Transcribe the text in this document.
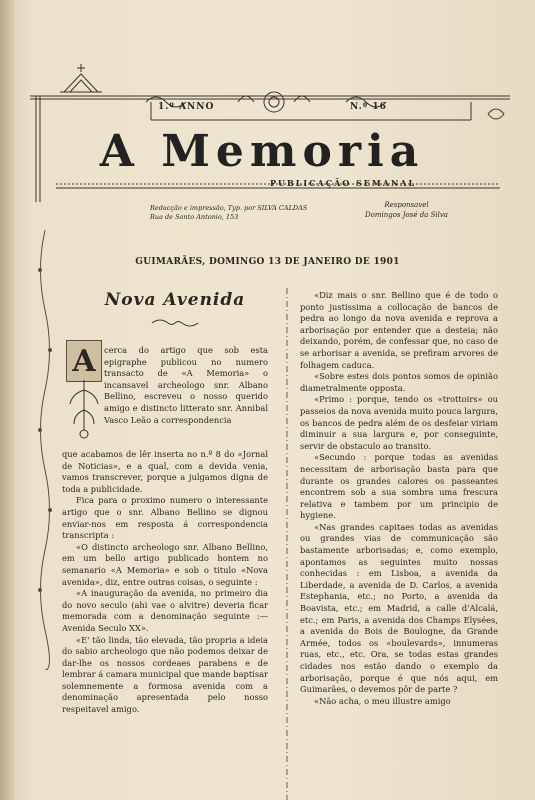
1.º ANNO	N.º 16
A Memoria
PUBLICAÇÃO SEMANAL
Redacção e impressão, Typ. por SILVA CALDAS
Rua de Santo Antonio, 153
Responsavel
Domingos José da Silva
GUIMARÃES, DOMINGO 13 DE JANEIRO DE 1901
Nova Avenida
A	cerca do artigo que sob esta epigraphe publicou no numero transacto de «A Memoria» o incansavel archeologo snr. Albano Bellino, escreveu o nosso querido amigo e distincto litterato snr. Annibal Vasco Leão a correspondencia

que acabamos de lêr inserta no n.º 8 do «Jornal de Noticias», e a qual, com a devida venia, vamos transcrever, porque a julgamos digna de toda a publicidade.

Fica para o proximo numero o interessante artigo que o snr. Albano Bellino se dignou enviar-nos em resposta á correspondencia transcripta :

«O distincto archeologo snr. Albano Bellino, em um bello artigo publicado hontem no semanario «A Memoria» e sob o titulo «Nova avenida», diz, entre outras coisas, o seguinte :

«A inauguração da avenida, no primeiro dia do novo seculo (ahi vae o alvitre) deveria ficar memorada com a denominação seguinte :—Avenida Seculo XX».

«E' tão linda, tão elevada, tão propria a ideia do sabio archeologo que não podemos deixar de dar-lhe os nossos cordeaes parabens e de lembrar á camara municipal que mande baptisar solemnemente a formosa avenida com a denominação apresentada pelo nosso respeitavel amigo.

«Diz mais o snr. Bellino que é de todo o ponto justissima a collocação de bancos de pedra ao longo da nova avenida e reprova a arborisação por entender que a desteia; não deixando, porém, de confessar que, no caso de se arborisar a avenida, se prefiram arvores de folhagem caduca.

«Sobre estes dois pontos somos de opinião diametralmente opposta.

«Primo : porque, tendo os «trottoirs» ou passeios da nova avenida muito pouca largura, os bancos de pedra além de os desfeiar viriam diminuir a sua largura e, por conseguinte, servir de obstaculo ao transito.

«Secundo : porque todas as avenidas necessitam de arborisação basta para que durante os grandes calores os passeantes encontrem sob a sua sombra uma frescura relativa e tambem por um principio de hygiene.

«Nas grandes capitaes todas as avenidas ou grandes vias de communicação são bastamente arborisadas; e, como exemplo, apontamos as seguintes muito nossas conhecidas : em Lisboa, a avenida da Liberdade, a avenida de D. Carlos, a avenida Estephania, etc.; no Porto, a avenida da Boavista, etc.; em Madrid, a calle d'Alcalá, etc.; em Paris, a avenida dos Champs Elysées, a avenida do Bois de Boulogne, da Grande Armée, todos os «boulevards», innumeras ruas, etc., etc. Ora, se todas estas grandes cidades nos estão dando o exemplo da arborisação, porque é que nós aqui, em Guimarães, o devemos pôr de parte ?

«Não acha, o meu illustre amigo
